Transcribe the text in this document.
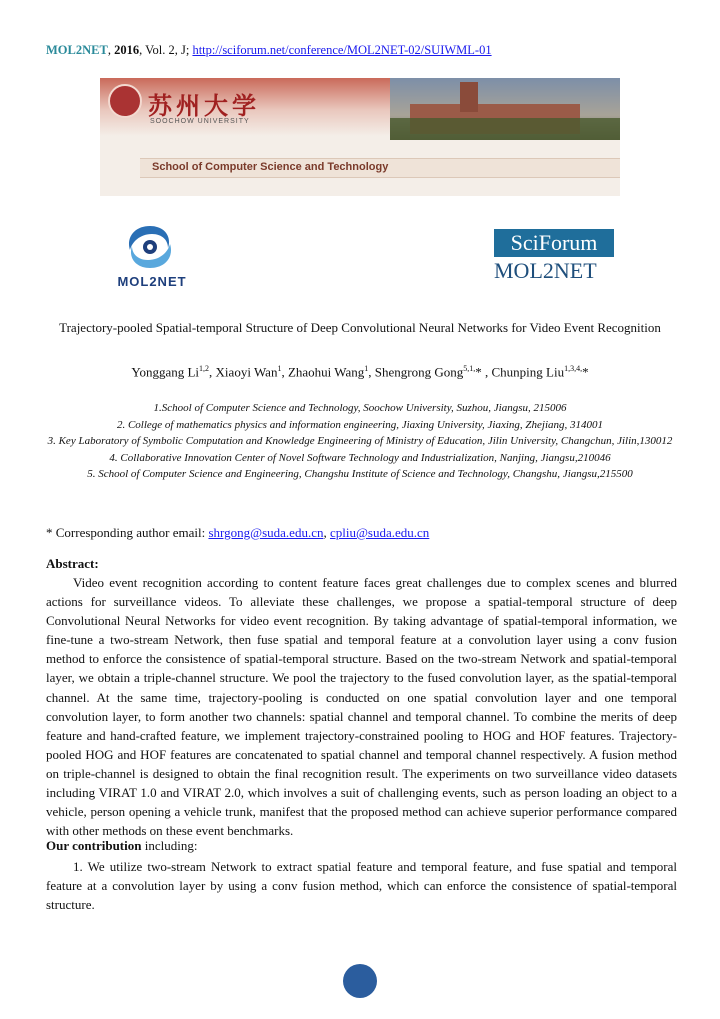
MOL2NET, 2016, Vol. 2, J; http://sciforum.net/conference/MOL2NET-02/SUIWML-01
苏州大学
SOOCHOW UNIVERSITY
School of Computer Science and Technology
MOL2NET
SciForum
MOL2NET
Trajectory-pooled Spatial-temporal Structure of Deep Convolutional Neural Networks for Video Event Recognition
Yonggang Li$^{1,2}$, Xiaoyi Wan$^1$, Zhaohui Wang$^1$, Shengrong Gong$^{5,1,}$* , Chunping Liu$^{1,3,4,}$*
1.School of Computer Science and Technology, Soochow University, Suzhou, Jiangsu, 215006
2. College of mathematics physics and information engineering, Jiaxing University, Jiaxing, Zhejiang, 314001
3. Key Laboratory of Symbolic Computation and Knowledge Engineering of Ministry of Education, Jilin University, Changchun, Jilin,130012
4. Collaborative Innovation Center of Novel Software Technology and Industrialization, Nanjing, Jiangsu,210046
5. School of Computer Science and Engineering, Changshu Institute of Science and Technology, Changshu, Jiangsu,215500
* Corresponding author email: shrgong@suda.edu.cn, cpliu@suda.edu.cn
Abstract:
Video event recognition according to content feature faces great challenges due to complex scenes and blurred actions for surveillance videos. To alleviate these challenges, we propose a spatial-temporal structure of deep Convolutional Neural Networks for video event recognition. By taking advantage of spatial-temporal information, we fine-tune a two-stream Network, then fuse spatial and temporal feature at a convolution layer using a conv fusion method to enforce the consistence of spatial-temporal structure. Based on the two-stream Network and spatial-temporal layer, we obtain a triple-channel structure. We pool the trajectory to the fused convolution layer, as the spatial-temporal channel. At the same time, trajectory-pooling is conducted on one spatial convolution layer and one temporal convolution layer, to form another two channels: spatial channel and temporal channel. To combine the merits of deep feature and hand-crafted feature, we implement trajectory-constrained pooling to HOG and HOF features. Trajectory-pooled HOG and HOF features are concatenated to spatial channel and temporal channel respectively. A fusion method on triple-channel is designed to obtain the final recognition result. The experiments on two surveillance video datasets including VIRAT 1.0 and VIRAT 2.0, which involves a suit of challenging events, such as person loading an object to a vehicle, person opening a vehicle trunk, manifest that the proposed method can achieve superior performance compared with other methods on these event benchmarks.
Our contribution including:
1. We utilize two-stream Network to extract spatial feature and temporal feature, and fuse spatial and temporal feature at a convolution layer by using a conv fusion method, which can enforce the consistence of spatial-temporal structure.
